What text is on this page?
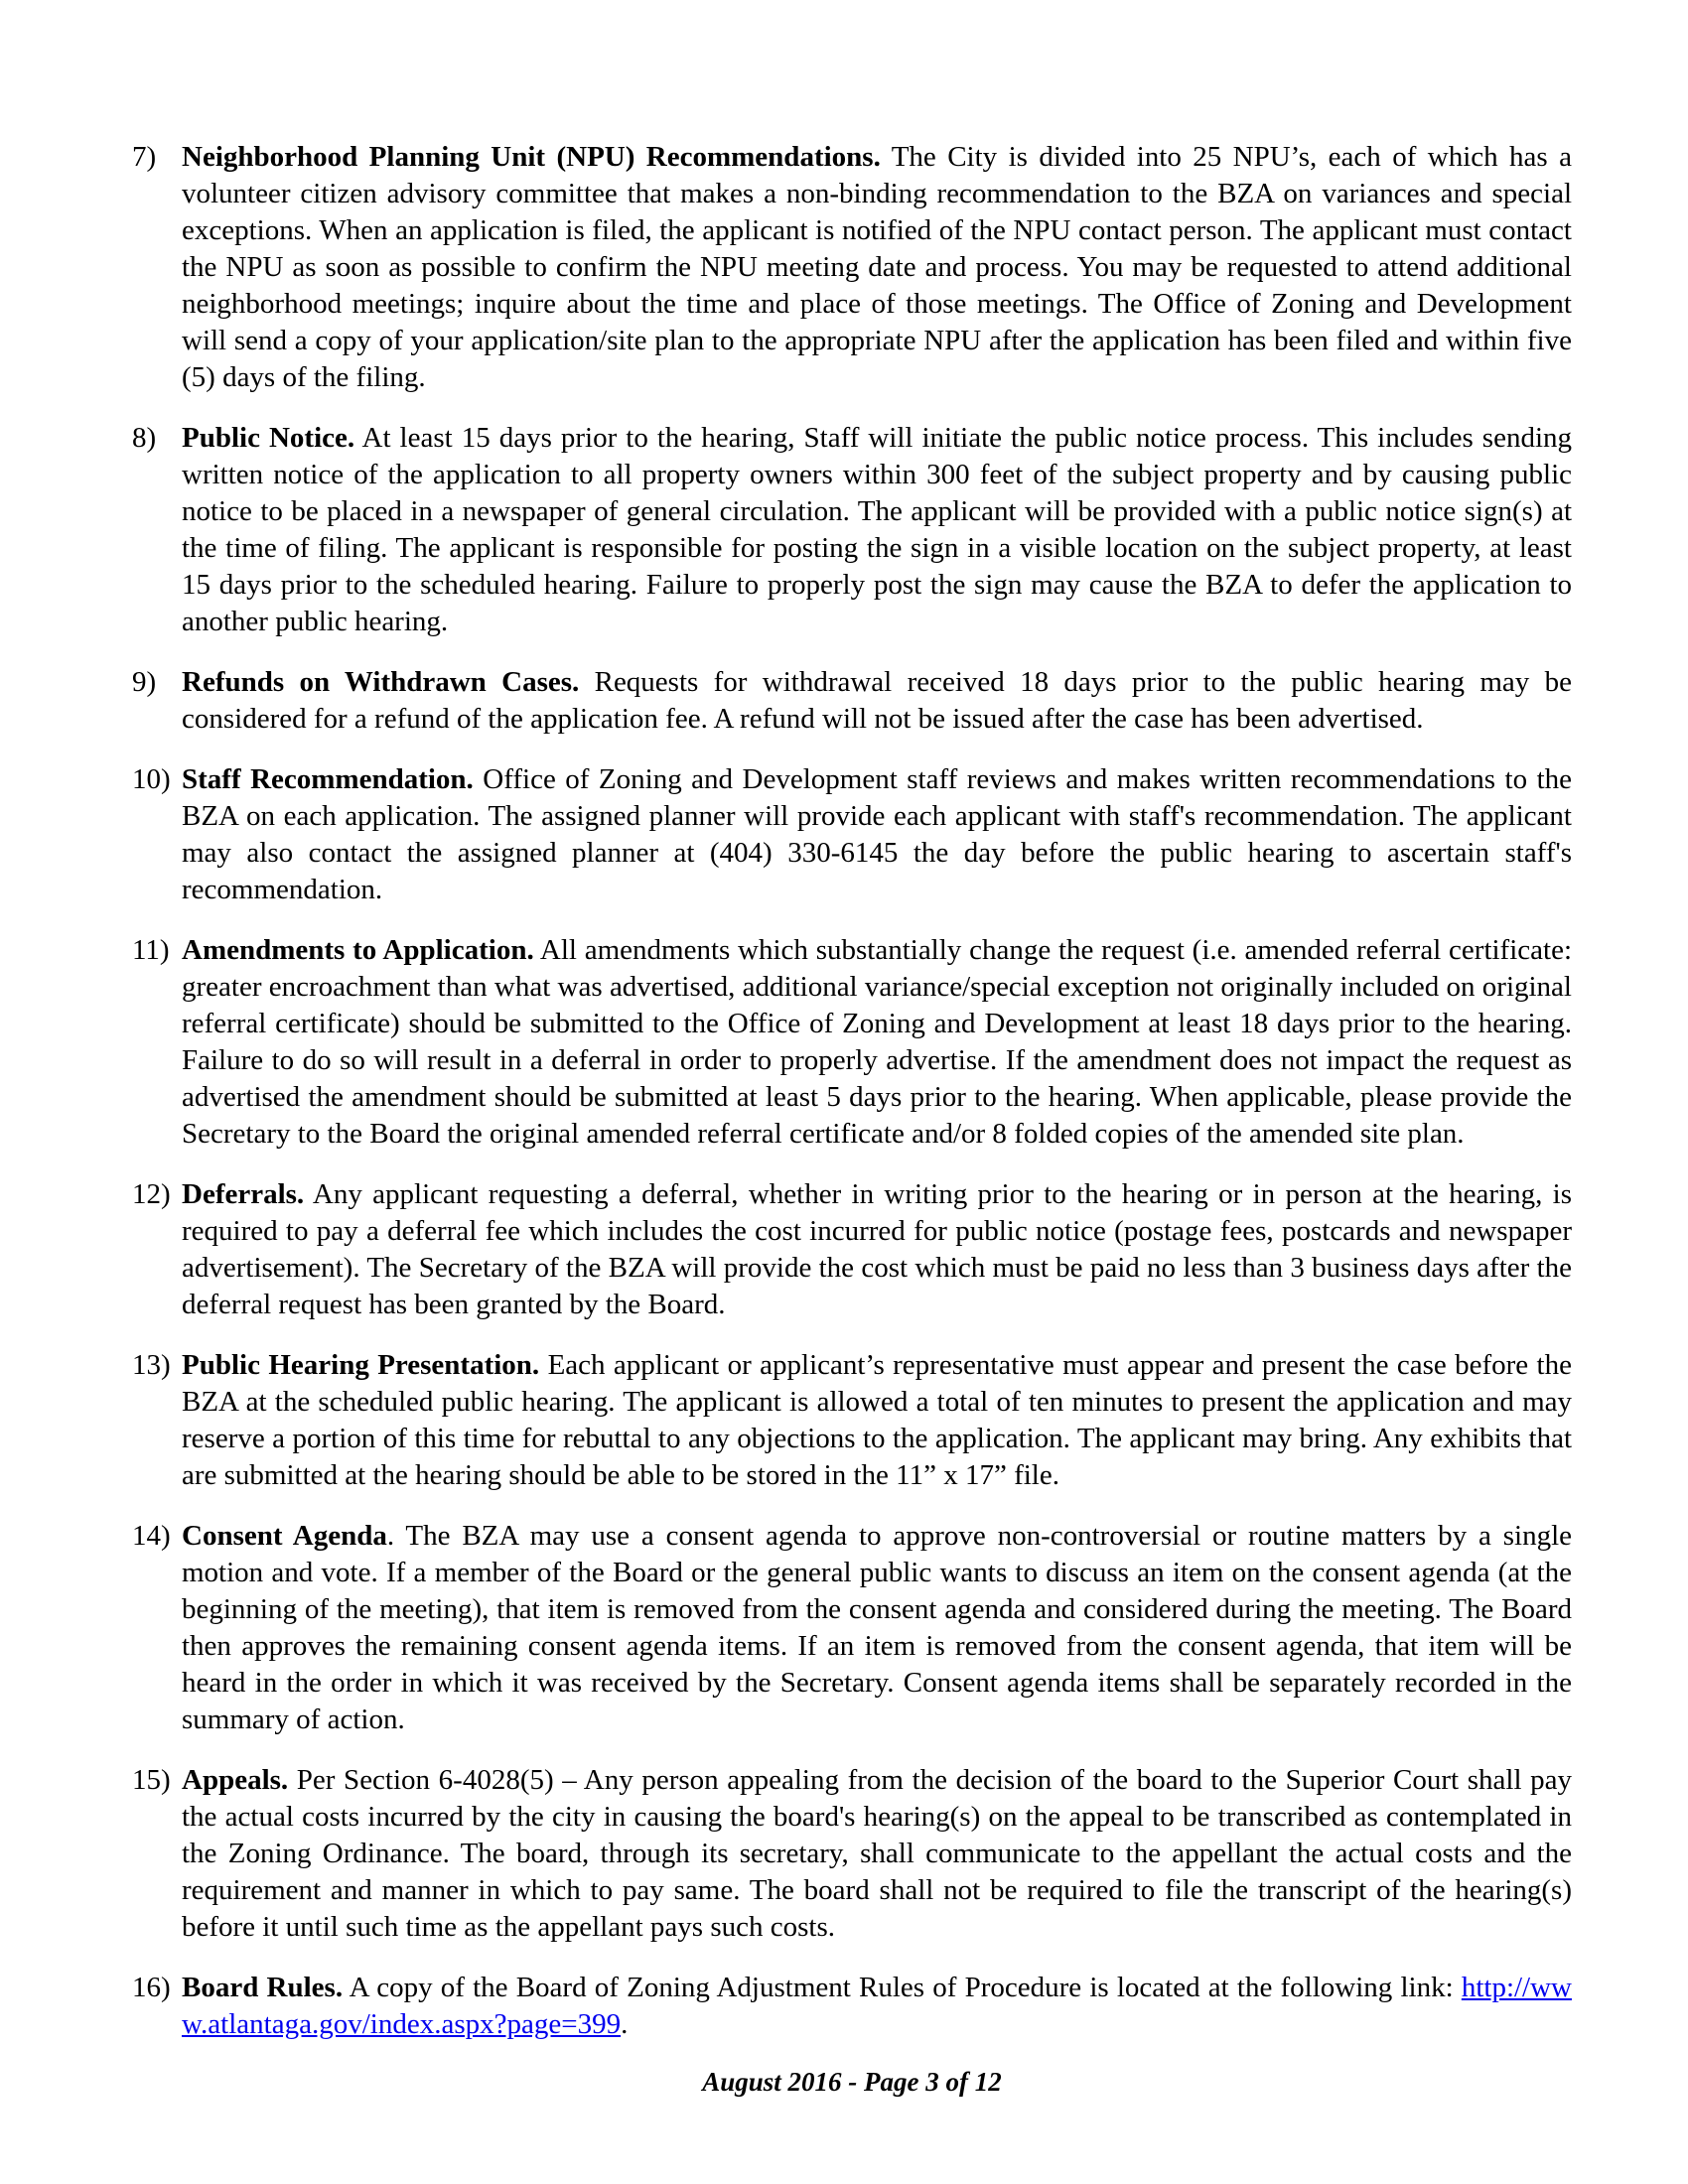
7) Neighborhood Planning Unit (NPU) Recommendations. The City is divided into 25 NPU’s, each of which has a volunteer citizen advisory committee that makes a non-binding recommendation to the BZA on variances and special exceptions. When an application is filed, the applicant is notified of the NPU contact person. The applicant must contact the NPU as soon as possible to confirm the NPU meeting date and process. You may be requested to attend additional neighborhood meetings; inquire about the time and place of those meetings. The Office of Zoning and Development will send a copy of your application/site plan to the appropriate NPU after the application has been filed and within five (5) days of the filing.
8) Public Notice. At least 15 days prior to the hearing, Staff will initiate the public notice process. This includes sending written notice of the application to all property owners within 300 feet of the subject property and by causing public notice to be placed in a newspaper of general circulation. The applicant will be provided with a public notice sign(s) at the time of filing. The applicant is responsible for posting the sign in a visible location on the subject property, at least 15 days prior to the scheduled hearing. Failure to properly post the sign may cause the BZA to defer the application to another public hearing.
9) Refunds on Withdrawn Cases. Requests for withdrawal received 18 days prior to the public hearing may be considered for a refund of the application fee. A refund will not be issued after the case has been advertised.
10) Staff Recommendation. Office of Zoning and Development staff reviews and makes written recommendations to the BZA on each application. The assigned planner will provide each applicant with staff's recommendation. The applicant may also contact the assigned planner at (404) 330-6145 the day before the public hearing to ascertain staff's recommendation.
11) Amendments to Application. All amendments which substantially change the request (i.e. amended referral certificate: greater encroachment than what was advertised, additional variance/special exception not originally included on original referral certificate) should be submitted to the Office of Zoning and Development at least 18 days prior to the hearing. Failure to do so will result in a deferral in order to properly advertise. If the amendment does not impact the request as advertised the amendment should be submitted at least 5 days prior to the hearing. When applicable, please provide the Secretary to the Board the original amended referral certificate and/or 8 folded copies of the amended site plan.
12) Deferrals. Any applicant requesting a deferral, whether in writing prior to the hearing or in person at the hearing, is required to pay a deferral fee which includes the cost incurred for public notice (postage fees, postcards and newspaper advertisement). The Secretary of the BZA will provide the cost which must be paid no less than 3 business days after the deferral request has been granted by the Board.
13) Public Hearing Presentation. Each applicant or applicant’s representative must appear and present the case before the BZA at the scheduled public hearing. The applicant is allowed a total of ten minutes to present the application and may reserve a portion of this time for rebuttal to any objections to the application. The applicant may bring. Any exhibits that are submitted at the hearing should be able to be stored in the 11” x 17” file.
14) Consent Agenda. The BZA may use a consent agenda to approve non-controversial or routine matters by a single motion and vote. If a member of the Board or the general public wants to discuss an item on the consent agenda (at the beginning of the meeting), that item is removed from the consent agenda and considered during the meeting. The Board then approves the remaining consent agenda items. If an item is removed from the consent agenda, that item will be heard in the order in which it was received by the Secretary. Consent agenda items shall be separately recorded in the summary of action.
15) Appeals. Per Section 6-4028(5) – Any person appealing from the decision of the board to the Superior Court shall pay the actual costs incurred by the city in causing the board's hearing(s) on the appeal to be transcribed as contemplated in the Zoning Ordinance. The board, through its secretary, shall communicate to the appellant the actual costs and the requirement and manner in which to pay same. The board shall not be required to file the transcript of the hearing(s) before it until such time as the appellant pays such costs.
16) Board Rules. A copy of the Board of Zoning Adjustment Rules of Procedure is located at the following link: http://www.atlantaga.gov/index.aspx?page=399.
August 2016 - Page 3 of 12
